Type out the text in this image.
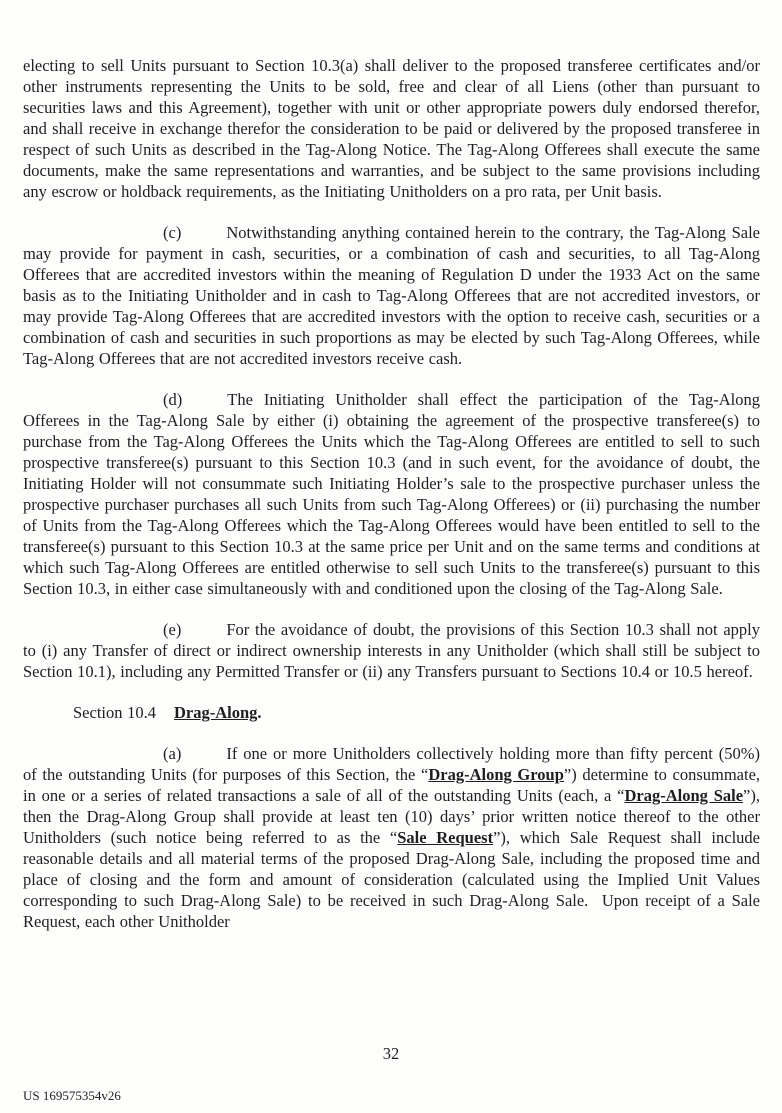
electing to sell Units pursuant to Section 10.3(a) shall deliver to the proposed transferee certificates and/or other instruments representing the Units to be sold, free and clear of all Liens (other than pursuant to securities laws and this Agreement), together with unit or other appropriate powers duly endorsed therefor, and shall receive in exchange therefor the consideration to be paid or delivered by the proposed transferee in respect of such Units as described in the Tag-Along Notice. The Tag-Along Offerees shall execute the same documents, make the same representations and warranties, and be subject to the same provisions including any escrow or holdback requirements, as the Initiating Unitholders on a pro rata, per Unit basis.

(c)	Notwithstanding anything contained herein to the contrary, the Tag-Along Sale may provide for payment in cash, securities, or a combination of cash and securities, to all Tag-Along Offerees that are accredited investors within the meaning of Regulation D under the 1933 Act on the same basis as to the Initiating Unitholder and in cash to Tag-Along Offerees that are not accredited investors, or may provide Tag-Along Offerees that are accredited investors with the option to receive cash, securities or a combination of cash and securities in such proportions as may be elected by such Tag-Along Offerees, while Tag-Along Offerees that are not accredited investors receive cash.

(d)	The Initiating Unitholder shall effect the participation of the Tag-Along Offerees in the Tag-Along Sale by either (i) obtaining the agreement of the prospective transferee(s) to purchase from the Tag-Along Offerees the Units which the Tag-Along Offerees are entitled to sell to such prospective transferee(s) pursuant to this Section 10.3 (and in such event, for the avoidance of doubt, the Initiating Holder will not consummate such Initiating Holder’s sale to the prospective purchaser unless the prospective purchaser purchases all such Units from such Tag-Along Offerees) or (ii) purchasing the number of Units from the Tag-Along Offerees which the Tag-Along Offerees would have been entitled to sell to the transferee(s) pursuant to this Section 10.3 at the same price per Unit and on the same terms and conditions at which such Tag-Along Offerees are entitled otherwise to sell such Units to the transferee(s) pursuant to this Section 10.3, in either case simultaneously with and conditioned upon the closing of the Tag-Along Sale.

(e)	For the avoidance of doubt, the provisions of this Section 10.3 shall not apply to (i) any Transfer of direct or indirect ownership interests in any Unitholder (which shall still be subject to Section 10.1), including any Permitted Transfer or (ii) any Transfers pursuant to Sections 10.4 or 10.5 hereof.

Section 10.4 Drag-Along.

(a)	If one or more Unitholders collectively holding more than fifty percent (50%) of the outstanding Units (for purposes of this Section, the “Drag-Along Group”) determine to consummate, in one or a series of related transactions a sale of all of the outstanding Units (each, a “Drag-Along Sale”), then the Drag-Along Group shall provide at least ten (10) days’ prior written notice thereof to the other Unitholders (such notice being referred to as the “Sale Request”), which Sale Request shall include reasonable details and all material terms of the proposed Drag-Along Sale, including the proposed time and place of closing and the form and amount of consideration (calculated using the Implied Unit Values corresponding to such Drag-Along Sale) to be received in such Drag-Along Sale.  Upon receipt of a Sale Request, each other Unitholder

32
US 169575354v26
